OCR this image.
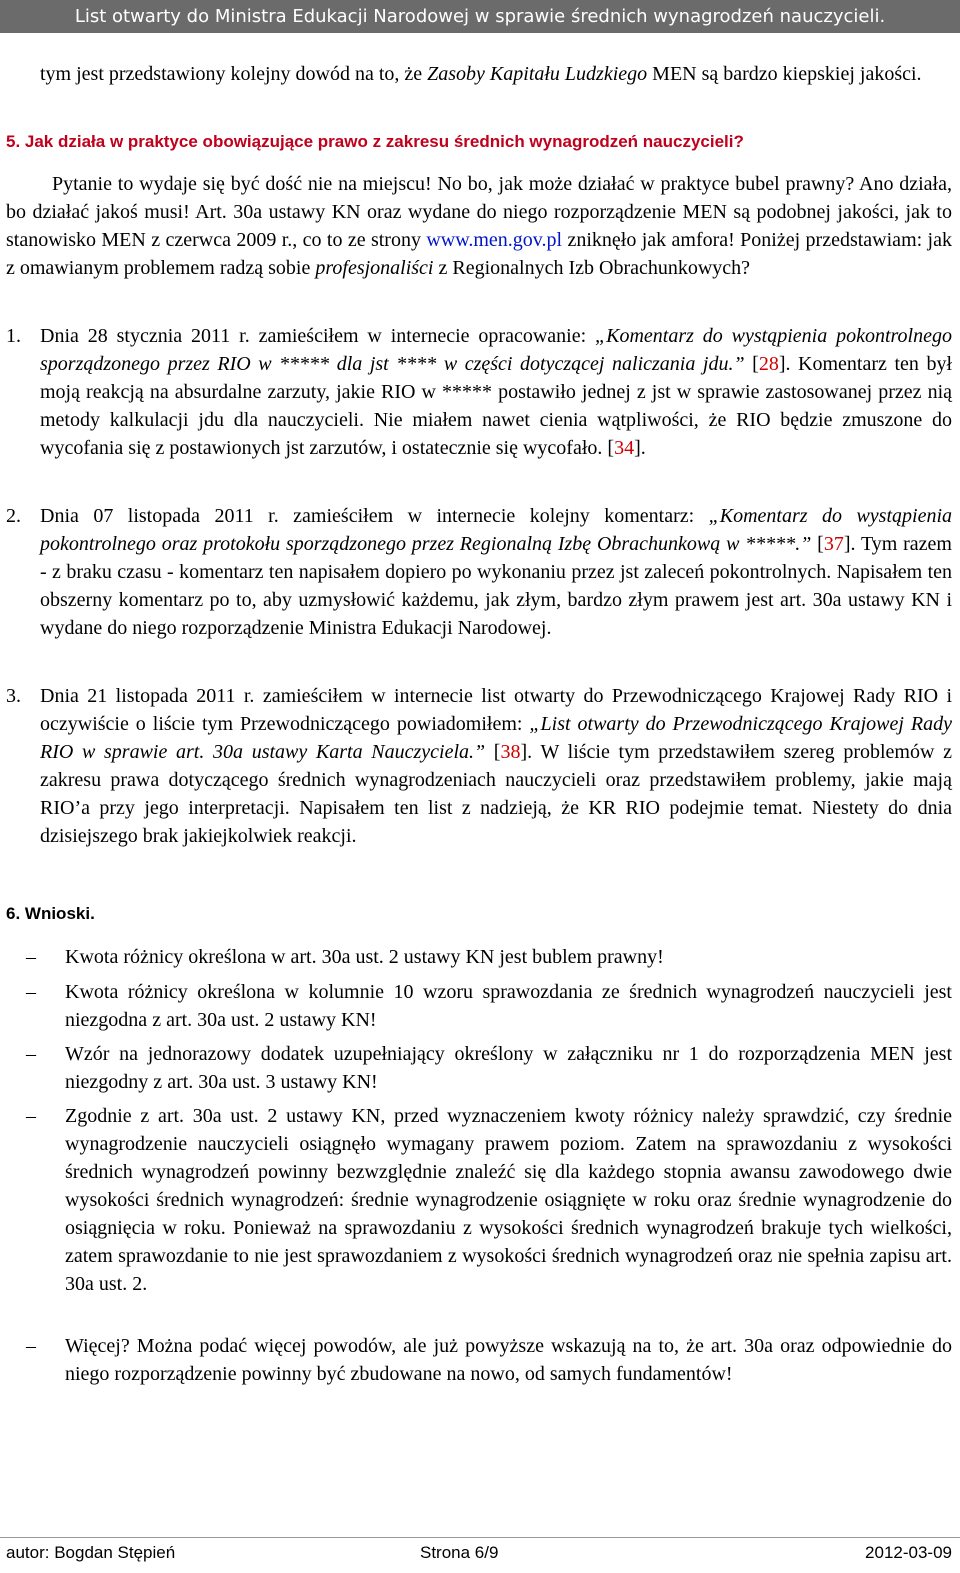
List otwarty do Ministra Edukacji Narodowej w sprawie średnich wynagrodzeń nauczycieli.

tym jest przedstawiony kolejny dowód na to, że Zasoby Kapitału Ludzkiego MEN są bardzo kiepskiej jakości.

5. Jak działa w praktyce obowiązujące prawo z zakresu średnich wynagrodzeń nauczycieli?

Pytanie to wydaje się być dość nie na miejscu! No bo, jak może działać w praktyce bubel prawny? Ano działa, bo działać jakoś musi! Art. 30a ustawy KN oraz wydane do niego rozporządzenie MEN są podobnej jakości, jak to stanowisko MEN z czerwca 2009 r., co to ze strony www.men.gov.pl zniknęło jak amfora! Poniżej przedstawiam: jak z omawianym problemem radzą sobie profesjonaliści z Regionalnych Izb Obrachunkowych?

1. Dnia 28 stycznia 2011 r. zamieściłem w internecie opracowanie: „Komentarz do wystąpienia pokontrolnego sporządzonego przez RIO w ***** dla jst **** w części dotyczącej naliczania jdu.” [28]. Komentarz ten był moją reakcją na absurdalne zarzuty, jakie RIO w ***** postawiło jednej z jst w sprawie zastosowanej przez nią metody kalkulacji jdu dla nauczycieli. Nie miałem nawet cienia wątpliwości, że RIO będzie zmuszone do wycofania się z postawionych jst zarzutów, i ostatecznie się wycofało. [34].

2. Dnia 07 listopada 2011 r. zamieściłem w internecie kolejny komentarz: „Komentarz do wystąpienia pokontrolnego oraz protokołu sporządzonego przez Regionalną Izbę Obrachunkową w *****.” [37]. Tym razem - z braku czasu - komentarz ten napisałem dopiero po wykonaniu przez jst zaleceń pokontrolnych. Napisałem ten obszerny komentarz po to, aby uzmysłowić każdemu, jak złym, bardzo złym prawem jest art. 30a ustawy KN i wydane do niego rozporządzenie Ministra Edukacji Narodowej.

3. Dnia 21 listopada 2011 r. zamieściłem w internecie list otwarty do Przewodniczącego Krajowej Rady RIO i oczywiście o liście tym Przewodniczącego powiadomiłem: „List otwarty do Przewodniczącego Krajowej Rady RIO w sprawie art. 30a ustawy Karta Nauczyciela.” [38]. W liście tym przedstawiłem szereg problemów z zakresu prawa dotyczącego średnich wynagrodzeniach nauczycieli oraz przedstawiłem problemy, jakie mają RIO’a przy jego interpretacji. Napisałem ten list z nadzieją, że KR RIO podejmie temat. Niestety do dnia dzisiejszego brak jakiejkolwiek reakcji.

6. Wnioski.

– Kwota różnicy określona w art. 30a ust. 2 ustawy KN jest bublem prawny!

– Kwota różnicy określona w kolumnie 10 wzoru sprawozdania ze średnich wynagrodzeń nauczycieli jest niezgodna z art. 30a ust. 2 ustawy KN!

– Wzór na jednorazowy dodatek uzupełniający określony w załączniku nr 1 do rozporządzenia MEN jest niezgodny z art. 30a ust. 3 ustawy KN!

– Zgodnie z art. 30a ust. 2 ustawy KN, przed wyznaczeniem kwoty różnicy należy sprawdzić, czy średnie wynagrodzenie nauczycieli osiągnęło wymagany prawem poziom. Zatem na sprawozdaniu z wysokości średnich wynagrodzeń powinny bezwzględnie znaleźć się dla każdego stopnia awansu zawodowego dwie wysokości średnich wynagrodzeń: średnie wynagrodzenie osiągnięte w roku oraz średnie wynagrodzenie do osiągnięcia w roku. Ponieważ na sprawozdaniu z wysokości średnich wynagrodzeń brakuje tych wielkości, zatem sprawozdanie to nie jest sprawozdaniem z wysokości średnich wynagrodzeń oraz nie spełnia zapisu art. 30a ust. 2.

– Więcej? Można podać więcej powodów, ale już powyższe wskazują na to, że art. 30a oraz odpowiednie do niego rozporządzenie powinny być zbudowane na nowo, od samych fundamentów!

autor: Bogdan Stępień	Strona 6/9	2012-03-09
